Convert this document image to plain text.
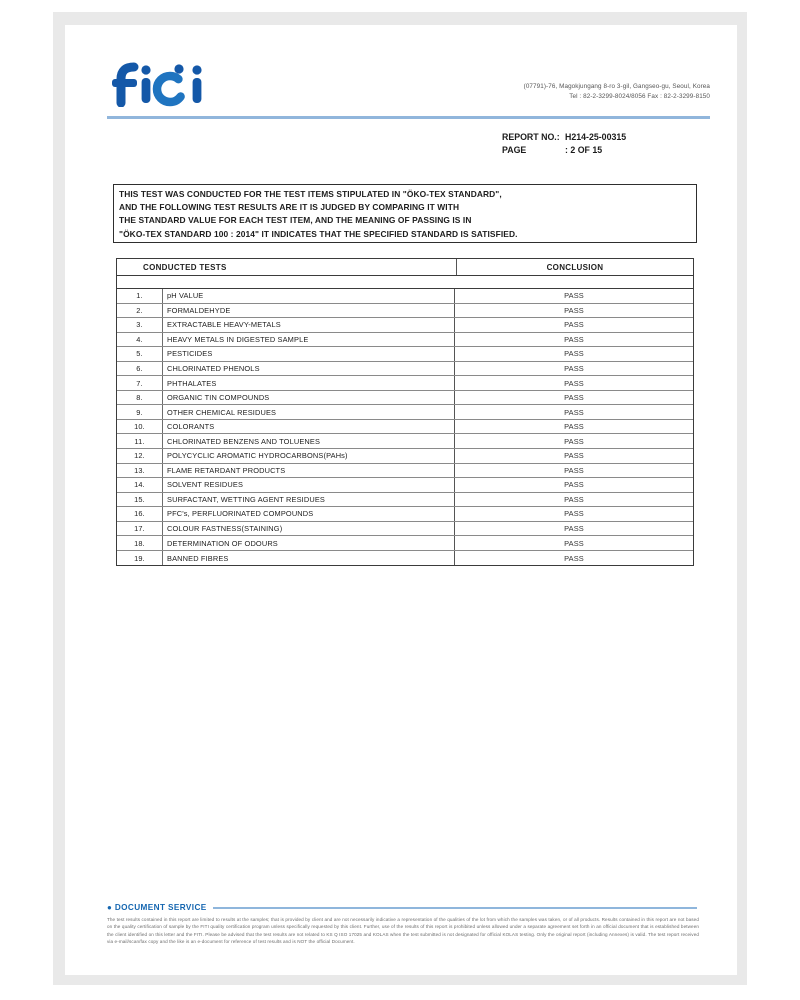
(07791)-76, Magokjungang 8-ro 3-gil, Gangseo-gu, Seoul, Korea
Tel : 82-2-3299-8024/8056 Fax : 82-2-3299-8150
REPORT NO.: H214-25-00315
PAGE	: 2 OF 15
THIS TEST WAS CONDUCTED FOR THE TEST ITEMS STIPULATED IN "ÖKO-TEX STANDARD",
AND THE FOLLOWING TEST RESULTS ARE IT IS JUDGED BY COMPARING IT WITH
THE STANDARD VALUE FOR EACH TEST ITEM, AND THE MEANING OF PASSING IS IN
"ÖKO-TEX STANDARD 100 : 2014" IT INDICATES THAT THE SPECIFIED STANDARD IS SATISFIED.
CONDUCTED TESTS	CONCLUSION
1.	pH VALUE	PASS
2.	FORMALDEHYDE	PASS
3.	EXTRACTABLE HEAVY-METALS	PASS
4.	HEAVY METALS IN DIGESTED SAMPLE	PASS
5.	PESTICIDES	PASS
6.	CHLORINATED PHENOLS	PASS
7.	PHTHALATES	PASS
8.	ORGANIC TIN COMPOUNDS	PASS
9.	OTHER CHEMICAL RESIDUES	PASS
10.	COLORANTS	PASS
11.	CHLORINATED BENZENS AND TOLUENES	PASS
12.	POLYCYCLIC AROMATIC HYDROCARBONS(PAHs)	PASS
13.	FLAME RETARDANT PRODUCTS	PASS
14.	SOLVENT RESIDUES	PASS
15.	SURFACTANT, WETTING AGENT RESIDUES	PASS
16.	PFC's, PERFLUORINATED COMPOUNDS	PASS
17.	COLOUR FASTNESS(STAINING)	PASS
18.	DETERMINATION OF ODOURS	PASS
19.	BANNED FIBRES	PASS
● DOCUMENT SERVICE
The test results contained in this report are limited to results at the samples; that is provided by client and are not necessarily indicative a representation of the qualities of the lot from which the samples was taken, or of all products. Results contained in this report are not based on the quality certification of sample by the FITI quality certification program unless specifically requested by this client. Further, use of the results of this report is prohibited unless allowed under a separate agreement set forth in an official document that is established between the client identified on this letter and the FITI. Please be advised that the test results are not related to KS Q ISO 17025 and KOLAS when the test submitted is not designated for official KOLAS testing. Only the original report (including Annexes) is valid. The test report received via e-mail/scan/fax copy and the like is an e-document for reference of test results and is NOT the official Document.
